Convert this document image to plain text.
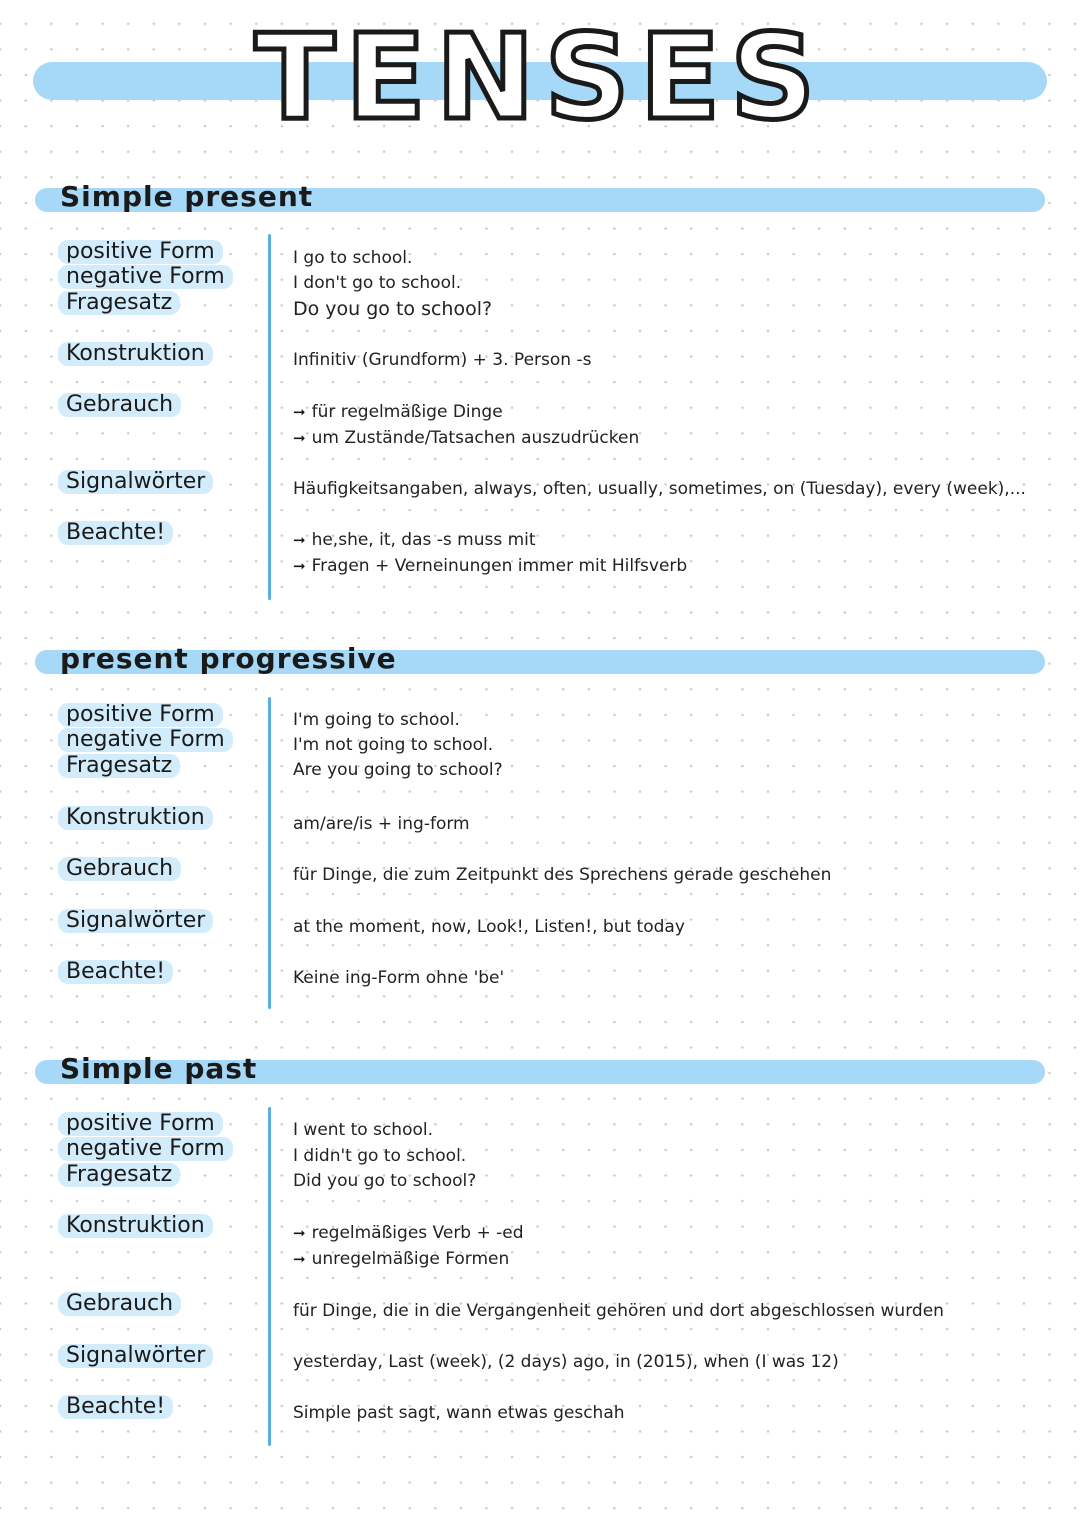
TENSES
Simple present
positive Form
negative Form
Fragesatz
Konstruktion
Gebrauch
Signalwörter
Beachte!
I go to school.
I don't go to school.
Do you go to school?
Infinitiv (Grundform) + 3. Person -s
➞ für regelmäßige Dinge
➞ um Zustände/Tatsachen auszudrücken
Häufigkeitsangaben, always, often, usually, sometimes, on (Tuesday), every (week),...
➞ he,she, it, das -s muss mit
➞ Fragen + Verneinungen immer mit Hilfsverb
present progressive
positive Form
negative Form
Fragesatz
Konstruktion
Gebrauch
Signalwörter
Beachte!
I'm going to school.
I'm not going to school.
Are you going to school?
am/are/is + ing-form
für Dinge, die zum Zeitpunkt des Sprechens gerade geschehen
at the moment, now, Look!, Listen!, but today
Keine ing-Form ohne 'be'
Simple past
positive Form
negative Form
Fragesatz
Konstruktion
Gebrauch
Signalwörter
Beachte!
I went to school.
I didn't go to school.
Did you go to school?
➞ regelmäßiges Verb + -ed
➞ unregelmäßige Formen
für Dinge, die in die Vergangenheit gehören und dort abgeschlossen wurden
yesterday, Last (week), (2 days) ago, in (2015), when (I was 12)
Simple past sagt, wann etwas geschah
